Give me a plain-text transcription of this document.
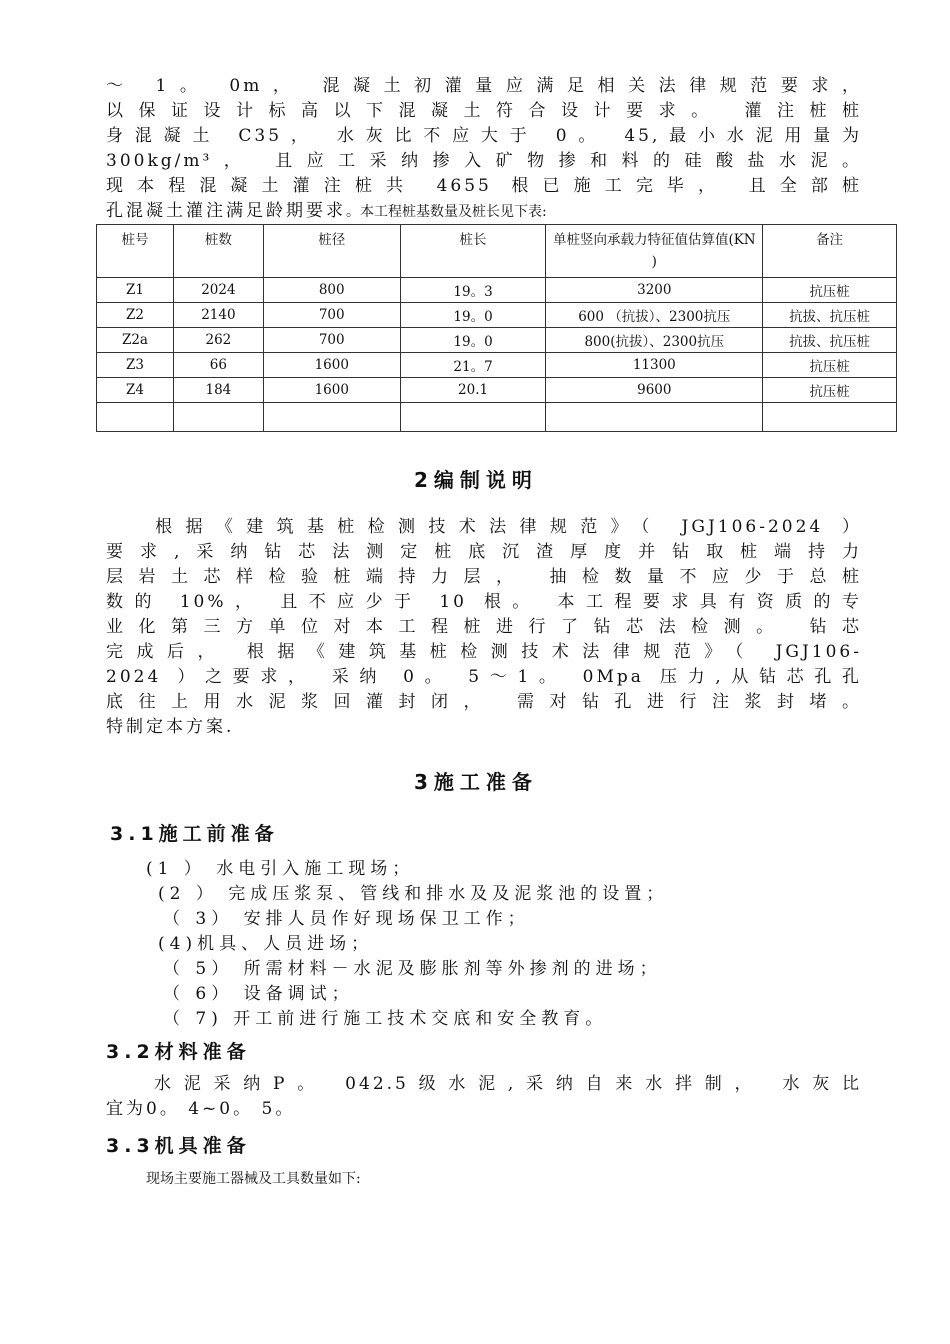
～ 1。 0m， 混凝土初灌量应满足相关法律规范要求，
以保证设计标高以下混凝土符合设计要求。 灌注桩桩
身混凝土 C35， 水灰比不应大于 0。 45,最小水泥用量为
300kg/m³， 且应工采纳掺入矿物掺和料的硅酸盐水泥。
现本程混凝土灌注桩共 4655 根已施工完毕， 且全部桩
孔混凝土灌注满足龄期要求。本工程桩基数量及桩长见下表:
桩号	桩数	桩径	桩长	单桩竖向承载力特征值估算值(KN )	备注
Z1	2024	800	19。3	3200	抗压桩
Z2	2140	700	19。0	600 （抗拔）、2300抗压	抗拔、抗压桩
Z2a	262	700	19。0	800(抗拔）、2300抗压	抗拔、抗压桩
Z3	66	1600	21。7	11300	抗压桩
Z4	184	1600	20.1	9600	抗压桩

2编制说明
　 根据《建筑基桩检测技术法律规范》（ JGJ106-2024 ）
要求,采纳钻芯法测定桩底沉渣厚度并钻取桩端持力
层岩土芯样检验桩端持力层， 抽检数量不应少于总桩
数的 10%， 且不应少于 10 根。 本工程要求具有资质的专
业化第三方单位对本工程桩进行了钻芯法检测。 钻芯
完成后， 根据《建筑基桩检测技术法律规范》（ JGJ106-
2024 ）之要求， 采纳 0。 5～1。 0Mpa 压力,从钻芯孔孔
底往上用水泥浆回灌封闭， 需对钻孔进行注浆封堵。
特制定本方案.
3施工准备
3.1施工前准备
(1 ） 水电引入施工现场；
(2 ） 完成压浆泵、管线和排水及及泥浆池的设置；
（ 3） 安排人员作好现场保卫工作；
(4)机具、人员进场；
（ 5） 所需材料－水泥及膨胀剂等外掺剂的进场；
（ 6） 设备调试；
（ 7) 开工前进行施工技术交底和安全教育。
3.2材料准备
　 水泥采纳P。 042.5级水泥,采纳自来水拌制， 水灰比
宜为0。 4~0。 5。
3.3机具准备
现场主要施工器械及工具数量如下:
